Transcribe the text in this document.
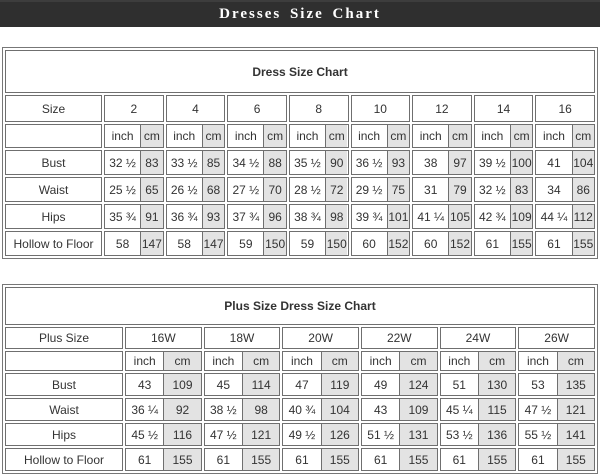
Dresses Size Chart
Dress Size Chart								
Size	2	4	6	8	10	12	14	16

inch cm	inch cm	inch cm	inch cm	inch cm	inch cm	inch cm	inch cm

Bust	32 ½ 83	33 ½ 85	34 ½ 88	35 ½ 90	36 ½ 93	38 97	39 ½ 100	41 104

Waist	25 ½ 65	26 ½ 68	27 ½ 70	28 ½ 72	29 ½ 75	31 79	32 ½ 83	34 86

Hips	35 ¾ 91	36 ¾ 93	37 ¾ 96	38 ¾ 98	39 ¾ 101	41 ¼ 105	42 ¾ 109	44 ¼ 112

Hollow to Floor	58 147	58 147	59 150	59 150	60 152	60 152	61 155	61 155
Plus Size Dress Size Chart						
Plus Size	16W	18W	20W	22W	24W	26W

inch cm	inch cm	inch cm	inch cm	inch cm	inch cm

Bust	43 109	45 114	47 119	49 124	51 130	53 135

Waist	36 ¼ 92	38 ½ 98	40 ¾ 104	43 109	45 ¼ 115	47 ½ 121

Hips	45 ½ 116	47 ½ 121	49 ½ 126	51 ½ 131	53 ½ 136	55 ½ 141

Hollow to Floor	61 155	61 155	61 155	61 155	61 155	61 155
